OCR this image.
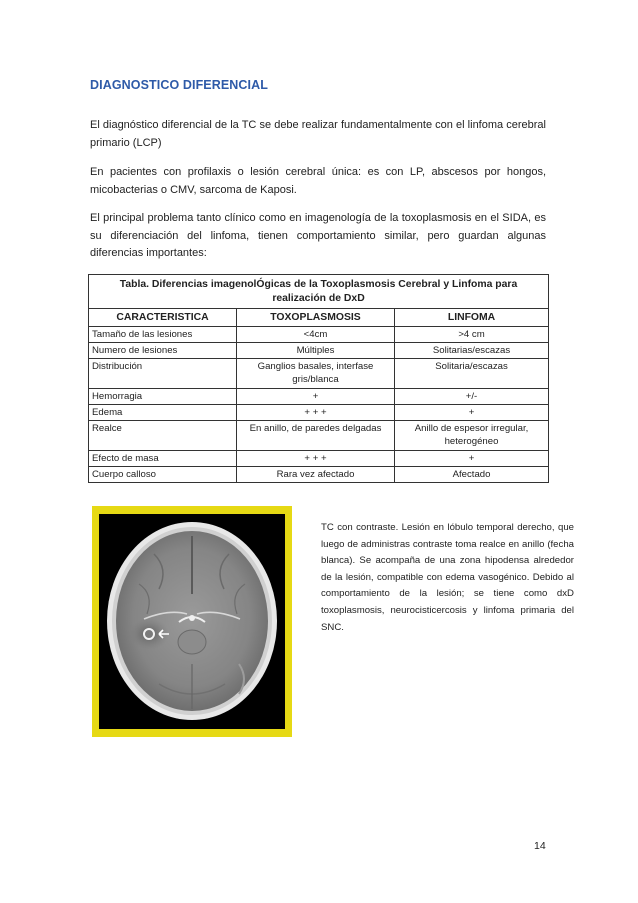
DIAGNOSTICO DIFERENCIAL

El diagnóstico diferencial de la TC se debe realizar fundamentalmente con el linfoma cerebral primario (LCP)

En pacientes con profilaxis o lesión cerebral única: es con LP, abscesos por hongos, micobacterias o CMV, sarcoma de Kaposi.

El principal problema tanto clínico como en imagenología de la toxoplasmosis en el SIDA, es su diferenciación del linfoma, tienen comportamiento similar, pero guardan algunas diferencias importantes:

Tabla. Diferencias imagenolÓgicas de la Toxoplasmosis Cerebral y Linfoma para realización de DxD		
CARACTERISTICA	TOXOPLASMOSIS	LINFOMA
Tamaño de las lesiones	<4cm	>4 cm
Numero de lesiones	Múltiples	Solitarias/escazas
Distribución	Ganglios basales, interfase gris/blanca	Solitaria/escazas
Hemorragia	+	+/-
Edema	+ + +	+
Realce	En anillo, de paredes delgadas	Anillo de espesor irregular, heterogéneo
Efecto de masa	+ + +	+
Cuerpo calloso	Rara vez afectado	Afectado

TC con contraste. Lesión en lóbulo temporal derecho, que luego de administras contraste toma realce en anillo (fecha blanca). Se acompaña de una zona hipodensa alrededor de la lesión, compatible con edema vasogénico. Debido al comportamiento de la lesión; se tiene como dxD toxoplasmosis, neurocisticercosis y linfoma primaria del SNC.

14
